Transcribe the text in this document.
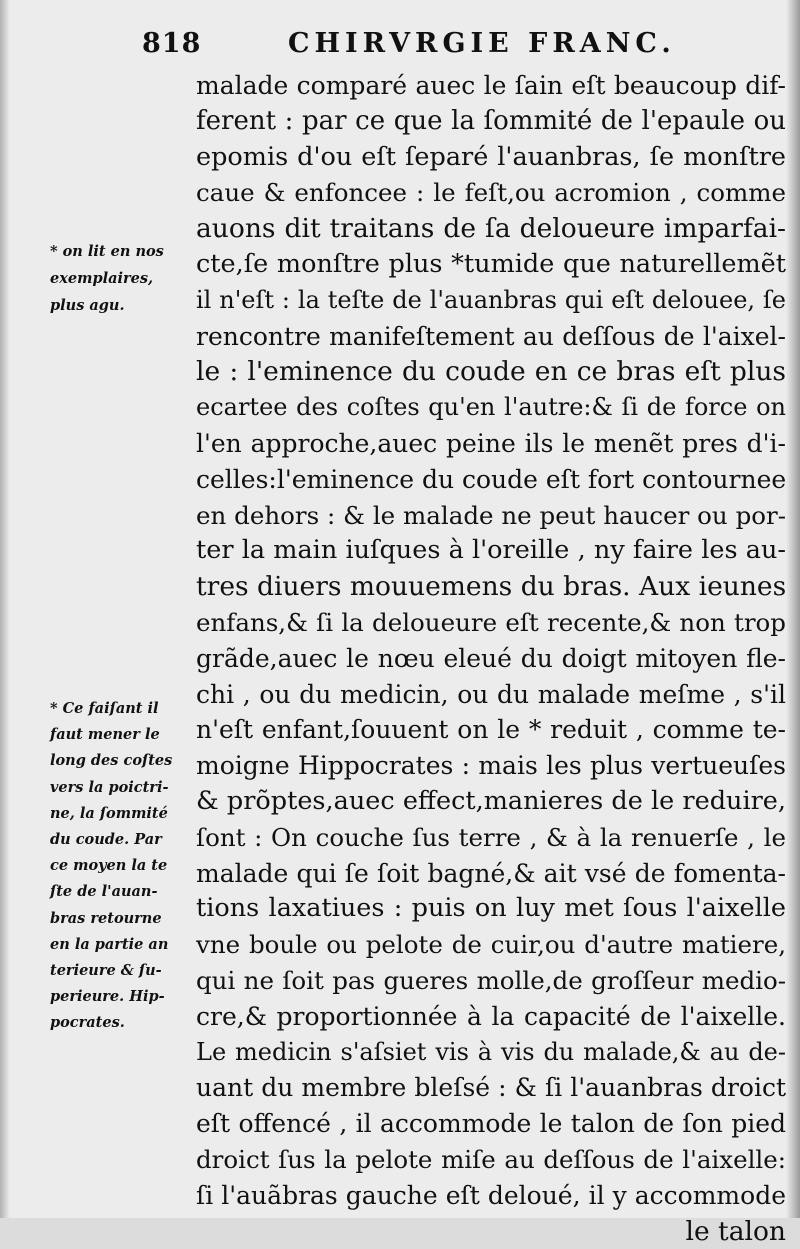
818	CHIRVRGIE FRANC.
* on lit en nos
exemplaires,
plus agu.
* Ce faiſant il
faut mener le
long des coſtes
vers la poictri-
ne, la ſommité
du coude. Par
ce moyen la te
ſte de l'auan-
bras retourne
en la partie an
terieure & ſu-
perieure. Hip-
pocrates.
malade comparé auec le ſain eſt beaucoup dif-
ferent : par ce que la ſommité de l'epaule ou
epomis d'ou eſt ſeparé l'auanbras, ſe monſtre
caue & enfoncee : le feſt,ou acromion , comme
auons dit traitans de ſa deloueure imparfai-
cte,ſe monſtre plus *tumide que naturellemẽt
il n'eſt : la teſte de l'auanbras qui eſt delouee, ſe
rencontre manifeſtement au deſſous de l'aixel-
le : l'eminence du coude en ce bras eſt plus
ecartee des coſtes qu'en l'autre:& ſi de force on
l'en approche,auec peine ils le menẽt pres d'i-
celles:l'eminence du coude eſt fort contournee
en dehors : & le malade ne peut haucer ou por-
ter la main iuſques à l'oreille , ny faire les au-
tres diuers mouuemens du bras. Aux ieunes
enfans,& ſi la deloueure eſt recente,& non trop
grãde,auec le nœu eleué du doigt mitoyen fle-
chi , ou du medicin, ou du malade meſme , s'il
n'eſt enfant,ſouuent on le * reduit , comme te-
moigne Hippocrates : mais les plus vertueuſes
& prõptes,auec effect,manieres de le reduire,
ſont : On couche ſus terre , & à la renuerſe , le
malade qui ſe ſoit bagné,& ait vsé de fomenta-
tions laxatiues : puis on luy met ſous l'aixelle
vne boule ou pelote de cuir,ou d'autre matiere,
qui ne ſoit pas gueres molle,de groſſeur medio-
cre,& proportionnée à la capacité de l'aixelle.
Le medicin s'aſsiet vis à vis du malade,& au de-
uant du membre bleſsé : & ſi l'auanbras droict
eſt offencé , il accommode le talon de ſon pied
droict ſus la pelote miſe au deſſous de l'aixelle:
ſi l'auãbras gauche eſt deloué, il y accommode
le talon
